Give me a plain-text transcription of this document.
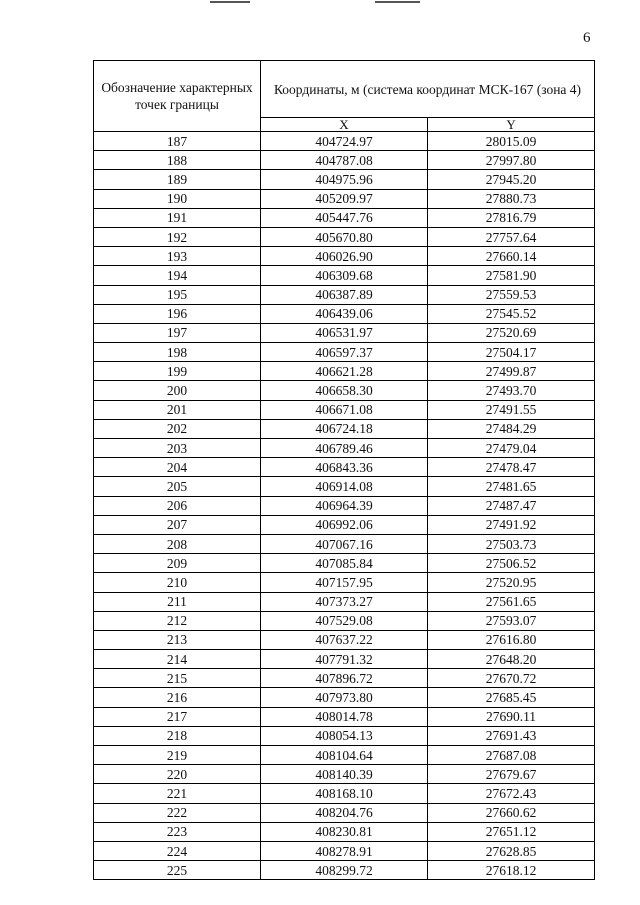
6
Обозначение характерных точек границы	Координаты, м (система координат МСК-167 (зона 4)	
	X	Y
187	404724.97	28015.09
188	404787.08	27997.80
189	404975.96	27945.20
190	405209.97	27880.73
191	405447.76	27816.79
192	405670.80	27757.64
193	406026.90	27660.14
194	406309.68	27581.90
195	406387.89	27559.53
196	406439.06	27545.52
197	406531.97	27520.69
198	406597.37	27504.17
199	406621.28	27499.87
200	406658.30	27493.70
201	406671.08	27491.55
202	406724.18	27484.29
203	406789.46	27479.04
204	406843.36	27478.47
205	406914.08	27481.65
206	406964.39	27487.47
207	406992.06	27491.92
208	407067.16	27503.73
209	407085.84	27506.52
210	407157.95	27520.95
211	407373.27	27561.65
212	407529.08	27593.07
213	407637.22	27616.80
214	407791.32	27648.20
215	407896.72	27670.72
216	407973.80	27685.45
217	408014.78	27690.11
218	408054.13	27691.43
219	408104.64	27687.08
220	408140.39	27679.67
221	408168.10	27672.43
222	408204.76	27660.62
223	408230.81	27651.12
224	408278.91	27628.85
225	408299.72	27618.12
